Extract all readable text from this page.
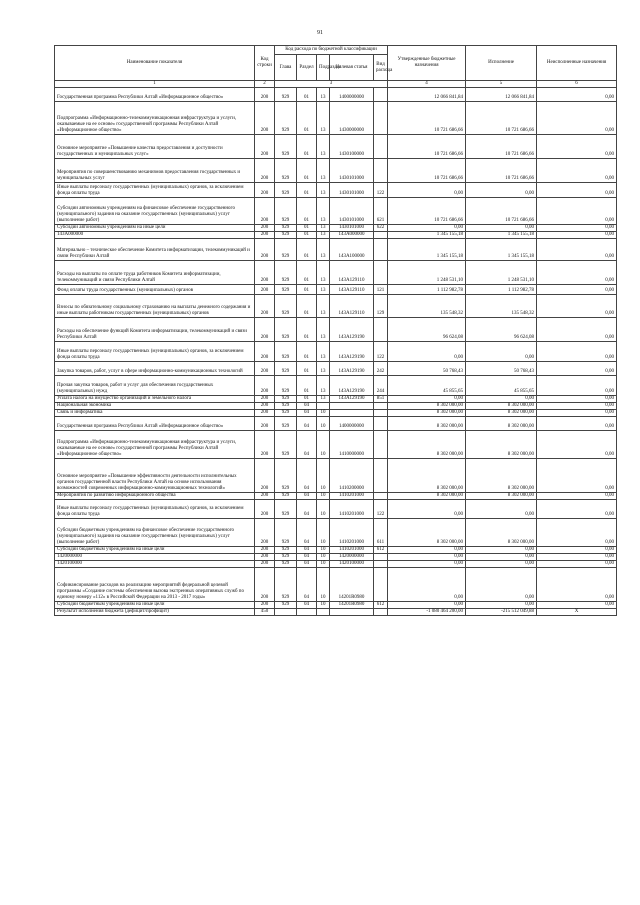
91
Наименование показателя	Код строки	Код расхода по бюджетной классификации					Утвержденные бюджетные назначения	Исполнение	Неисполненные назначения
		Глава	Раздел	Подраздел	Целевая статья	Вид расхода			
1	2	3					4	5	6
Государственная программа Республики Алтай «Информационное общество»	200	929	01	13	1400000000		12 066 841,84	12 066 841,84	0,00
Подпрограмма «Информационно-телекоммуникационная инфраструктура и услуги, оказываемые на ее основе» государственной программы Республики Алтай «Информационное общество»	200	929	01	13	1430000000		10 721 686,66	10 721 686,66	0,00
Основное мероприятие «Повышение качества предоставления и доступности государственных и муниципальных услуг»	200	929	01	13	1430100000		10 721 686,66	10 721 686,66	0,00
Мероприятия по совершенствованию механизмов предоставления государственных и муниципальных услуг	200	929	01	13	1430101000		10 721 686,66	10 721 686,66	0,00
Иные выплаты персоналу государственных (муниципальных) органов, за исключением фонда оплаты труда	200	929	01	13	1430101000	122	0,00	0,00	0,00
Субсидии автономным учреждениям на финансовое обеспечение государственного (муниципального) задания на оказание государственных (муниципальных) услуг (выполнение работ)	200	929	01	13	1430101000	621	10 721 686,66	10 721 686,66	0,00
Субсидии автономным учреждениям на иные цели	200	929	01	13	1430101000	622	0,00	0,00	0,00
143А000000	200	929	01	13	143А000000		1 345 155,18	1 345 155,18	0,00
Материально – техническое обеспечение Комитета информатизации, телекоммуникаций и связи Республики Алтай	200	929	01	13	143А100000		1 345 155,18	1 345 155,18	0,00
Расходы на выплаты по оплате труда работников Комитета информатизации, телекоммуникаций и связи Республики Алтай	200	929	01	13	143А129110		1 248 531,10	1 248 531,10	0,00
Фонд оплаты труда государственных (муниципальных) органов	200	929	01	13	143А129110	121	1 112 982,78	1 112 982,78	0,00
Взносы по обязательному социальному страхованию на выплаты денежного содержания и иные выплаты работникам государственных (муниципальных) органов	200	929	01	13	143А129110	129	135 548,32	135 548,32	0,00
Расходы на обеспечение функций Комитета информатизации, телекоммуникаций и связи Республики Алтай	200	929	01	13	143А129190		96 624,08	96 624,08	0,00
Иные выплаты персоналу государственных (муниципальных) органов, за исключением фонда оплаты труда	200	929	01	13	143А129190	122	0,00	0,00	0,00
Закупка товаров, работ, услуг в сфере информационно-коммуникационных технологий	200	929	01	13	143А129190	242	50 768,43	50 768,43	0,00
Прочая закупка товаров, работ и услуг для обеспечения государственных (муниципальных) нужд	200	929	01	13	143А129190	244	45 855,65	45 855,65	0,00
Уплата налога на имущество организаций и земельного налога	200	929	01	13	143А129190	851	0,00	0,00	0,00
Национальная экономика	200	929	04				8 302 000,00	8 302 000,00	0,00
Связь и информатика	200	929	04	10			8 302 000,00	8 302 000,00	0,00
Государственная программа Республики Алтай «Информационное общество»	200	929	04	10	1400000000		8 302 000,00	8 302 000,00	0,00
Подпрограмма «Информационно-телекоммуникационная инфраструктура и услуги, оказываемые на ее основе» государственной программы Республики Алтай «Информационное общество»	200	929	04	10	1410000000		8 302 000,00	8 302 000,00	0,00
Основное мероприятие «Повышение эффективности деятельности исполнительных органов государственной власти Республики Алтай на основе использования возможностей современных информационно-коммуникационных технологий»	200	929	04	10	1410200000		8 302 000,00	8 302 000,00	0,00
Мероприятия по развитию информационного общества	200	929	04	10	1410201000		8 302 000,00	8 302 000,00	0,00
Иные выплаты персоналу государственных (муниципальных) органов, за исключением фонда оплаты труда	200	929	04	10	1410201000	122	0,00	0,00	0,00
Субсидии бюджетным учреждениям на финансовое обеспечение государственного (муниципального) задания на оказание государственных (муниципальных) услуг (выполнение работ)	200	929	04	10	1410201000	611	8 302 000,00	8 302 000,00	0,00
Субсидии бюджетным учреждениям на иные цели	200	929	04	10	1410201000	612	0,00	0,00	0,00
1420000000	200	929	04	10	1420000000		0,00	0,00	0,00
1420100000	200	929	04	10	1420100000		0,00	0,00	0,00
Софинансирование расходов на реализацию мероприятий федеральной целевой программы «Создание системы обеспечения вызова экстренных оперативных служб по единому номеру «112» в Российской Федерации на 2013 - 2017 годы»	200	929	04	10	14201R0980		0,00	0,00	0,00
Субсидии бюджетным учреждениям на иные цели	200	929	04	10	14201R0980	612	0,00	0,00	0,00
Результат исполнения бюджета (дефицит/профицит)	450						-1 080 464 200,00	-215 512 049,88	X
